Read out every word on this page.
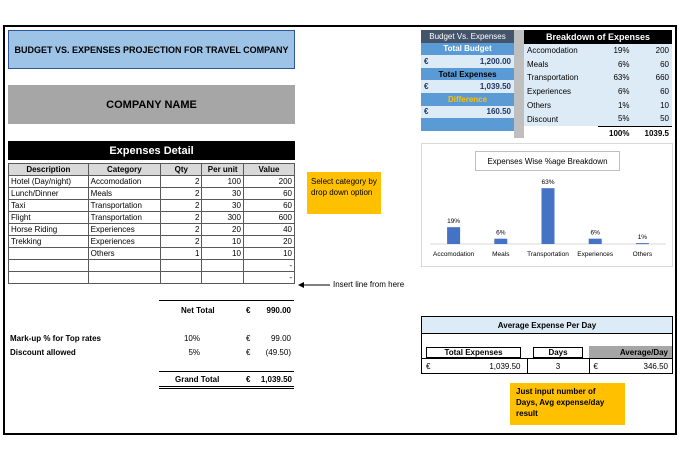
BUDGET VS. EXPENSES PROJECTION FOR TRAVEL COMPANY
COMPANY NAME
Expenses Detail
Description	Category	Qty	Per unit	Value
Hotel (Day/night)	Accomodation	2	100	200
Lunch/Dinner	Meals	2	30	60
Taxi	Transportation	2	30	60
Flight	Transportation	2	300	600
Horse Riding	Experiences	2	20	40
Trekking	Experiences	2	10	20
	Others	1	10	10
				-
				-
Select category by drop down option
Insert line from here
Net Total	€	990.00
Mark-up % for Top rates	10%	€	99.00
Discount allowed	5%	€	(49.50)
Grand Total	€	1,039.50
Budget Vs. Expenses	
Total Budget	
€	1,200.00
Total Expenses	
€	1,039.50
Difference	
€	160.50

Breakdown of Expenses		
Accomodation	19%	200
Meals	6%	60
Transportation	63%	660
Experiences	6%	60
Others	1%	10
Discount	5%	50
	100%	1039.5
Expenses Wise %age Breakdown
19%
Accomodation
6%
Meals
63%
Transportation
6%
Experiences
1%
Others
Average Expense Per Day			

Total Expenses		Days	Average/Day
€	1,039.50	3	€ 346.50
Just input number of Days, Avg expense/day result
